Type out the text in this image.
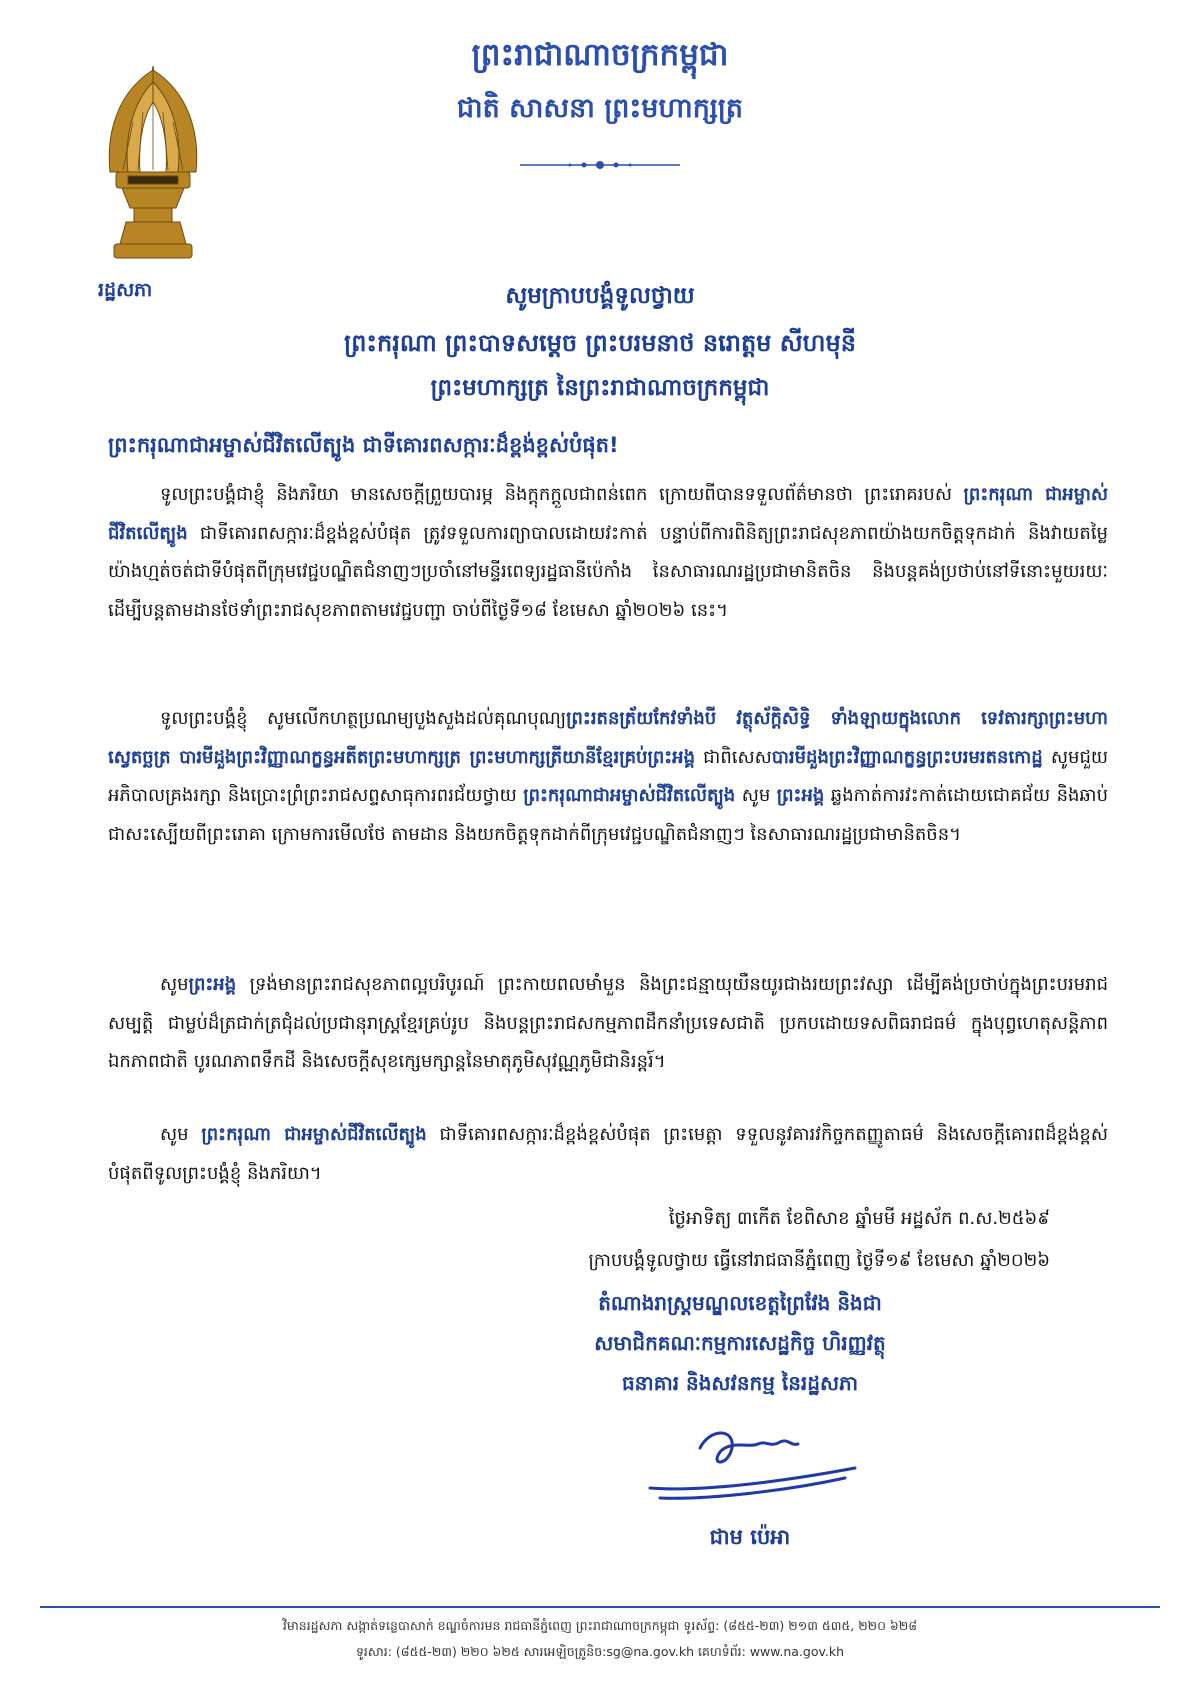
រដ្ឋសភា
ព្រះរាជាណាចក្រកម្ពុជា
ជាតិ សាសនា ព្រះមហាក្សត្រ
សូមក្រាបបង្គំទូលថ្វាយ
ព្រះករុណា ព្រះបាទសម្តេច ព្រះបរមនាថ នរោត្តម សីហមុនី
ព្រះមហាក្សត្រ នៃព្រះរាជាណាចក្រកម្ពុជា
ព្រះករុណាជាអម្ចាស់ជីវិតលើត្បូង ជាទីគោរពសក្ការៈដ៏ខ្ពង់ខ្ពស់បំផុត!
ទូលព្រះបង្គំជាខ្ញុំ និងភរិយា មានសេចក្តីព្រួយបារម្ភ និងក្តុកក្តួលជាពន់ពេក ក្រោយពីបានទទួលព័ត៌មានថា ព្រះរោគរបស់ ព្រះករុណា ជាអម្ចាស់ជីវិតលើត្បូង ជាទីគោរពសក្ការៈដ៏ខ្ពង់ខ្ពស់បំផុត ត្រូវទទួលការព្យាបាលដោយវះកាត់ បន្ទាប់ពីការពិនិត្យព្រះរាជសុខភាពយ៉ាងយកចិត្តទុកដាក់ និងវាយតម្លៃយ៉ាងហ្មត់ចត់ជាទីបំផុតពីក្រុមវេជ្ជបណ្ឌិតជំនាញៗប្រចាំនៅមន្ទីរពេទ្យរដ្ឋធានីប៉េកាំង នៃសាធារណរដ្ឋប្រជាមានិតចិន និងបន្តគង់ប្រថាប់នៅទីនោះមួយរយៈ ដើម្បីបន្តតាមដានថែទាំព្រះរាជសុខភាពតាមវេជ្ជបញ្ជា ចាប់ពីថ្ងៃទី១៨ ខែមេសា ឆ្នាំ២០២៦ នេះ។
ទូលព្រះបង្គំខ្ញុំ សូមលើកហត្ថប្រណម្យបួងសួងដល់គុណបុណ្យព្រះរតនត្រ័យកែវទាំងបី វត្ថុស័ក្តិសិទ្ធិ ទាំងឡាយក្នុងលោក ទេវតារក្សាព្រះមហាស្វេតច្ឆត្រ បារមីដួងព្រះវិញ្ញាណក្ខន្ធអតីតព្រះមហាក្សត្រ ព្រះមហាក្សត្រីយានីខ្មែរគ្រប់ព្រះអង្គ ជាពិសេសបារមីដួងព្រះវិញ្ញាណក្ខន្ធព្រះបរមរតនកោដ្ឋ សូមជួយអភិបាលគ្រងរក្សា និងប្រោះព្រំព្រះរាជសព្ទសាធុការពរជ័យថ្វាយ ព្រះករុណាជាអម្ចាស់ជីវិតលើត្បូង សូម ព្រះអង្គ ឆ្លងកាត់ការវះកាត់ដោយជោគជ័យ និងឆាប់ជាសះស្បើយពីព្រះរោគា ក្រោមការមើលថែ តាមដាន និងយកចិត្តទុកដាក់ពីក្រុមវេជ្ជបណ្ឌិតជំនាញៗ នៃសាធារណរដ្ឋប្រជាមានិតចិន។
សូមព្រះអង្គ ទ្រង់មានព្រះរាជសុខភាពល្អបរិបូរណ៍ ព្រះកាយពលមាំមួន និងព្រះជន្មាយុយឺនយូរជាងរយព្រះវស្សា ដើម្បីគង់ប្រថាប់ក្នុងព្រះបរមរាជសម្បត្តិ ជាម្លប់ដ៏ត្រជាក់ត្រជុំដល់ប្រជានុរាស្ត្រខ្មែរគ្រប់រូប និងបន្តព្រះរាជសកម្មភាពដឹកនាំប្រទេសជាតិ ប្រកបដោយទសពិធរាជធម៌ ក្នុងបុព្វហេតុសន្តិភាព ឯកភាពជាតិ បូរណភាពទឹកដី និងសេចក្តីសុខក្សេមក្សាន្តនៃមាតុភូមិសុវណ្ណភូមិជានិរន្តរ៍។
សូម ព្រះករុណា ជាអម្ចាស់ជីវិតលើត្បូង ជាទីគោរពសក្ការៈដ៏ខ្ពង់ខ្ពស់បំផុត ព្រះមេត្តា ទទួលនូវគារវកិច្ចកតញ្ញូតាធម៌ និងសេចក្តីគោរពដ៏ខ្ពង់ខ្ពស់បំផុតពីទូលព្រះបង្គំខ្ញុំ និងភរិយា។
ថ្ងៃអាទិត្យ ៣កើត ខែពិសាខ ឆ្នាំមមី អដ្ឋស័ក ព.ស.២៥៦៩
ក្រាបបង្គំទូលថ្វាយ ធ្វើនៅរាជធានីភ្នំពេញ ថ្ងៃទី១៩ ខែមេសា ឆ្នាំ២០២៦
តំណាងរាស្ត្រមណ្ឌលខេត្តព្រៃវែង និងជា
សមាជិកគណៈកម្មការសេដ្ឋកិច្ច ហិរញ្ញវត្ថុ
ធនាគារ និងសវនកម្ម នៃរដ្ឋសភា
ជាម ប៉េអា
វិមានរដ្ឋសភា សង្កាត់ទន្លេបាសាក់ ខណ្ឌចំការមន រាជធានីភ្នំពេញ ព្រះរាជាណាចក្រកម្ពុជា ទូរស័ព្ទ: (៨៥៥-២៣) ២១៣ ៥៣៥, ២២០ ៦២៨
ទូរសារ: (៨៥៥-២៣) ២២០ ៦២៥ សារអេឡិចត្រូនិច:sg@na.gov.kh គេហទំព័រ: www.na.gov.kh
